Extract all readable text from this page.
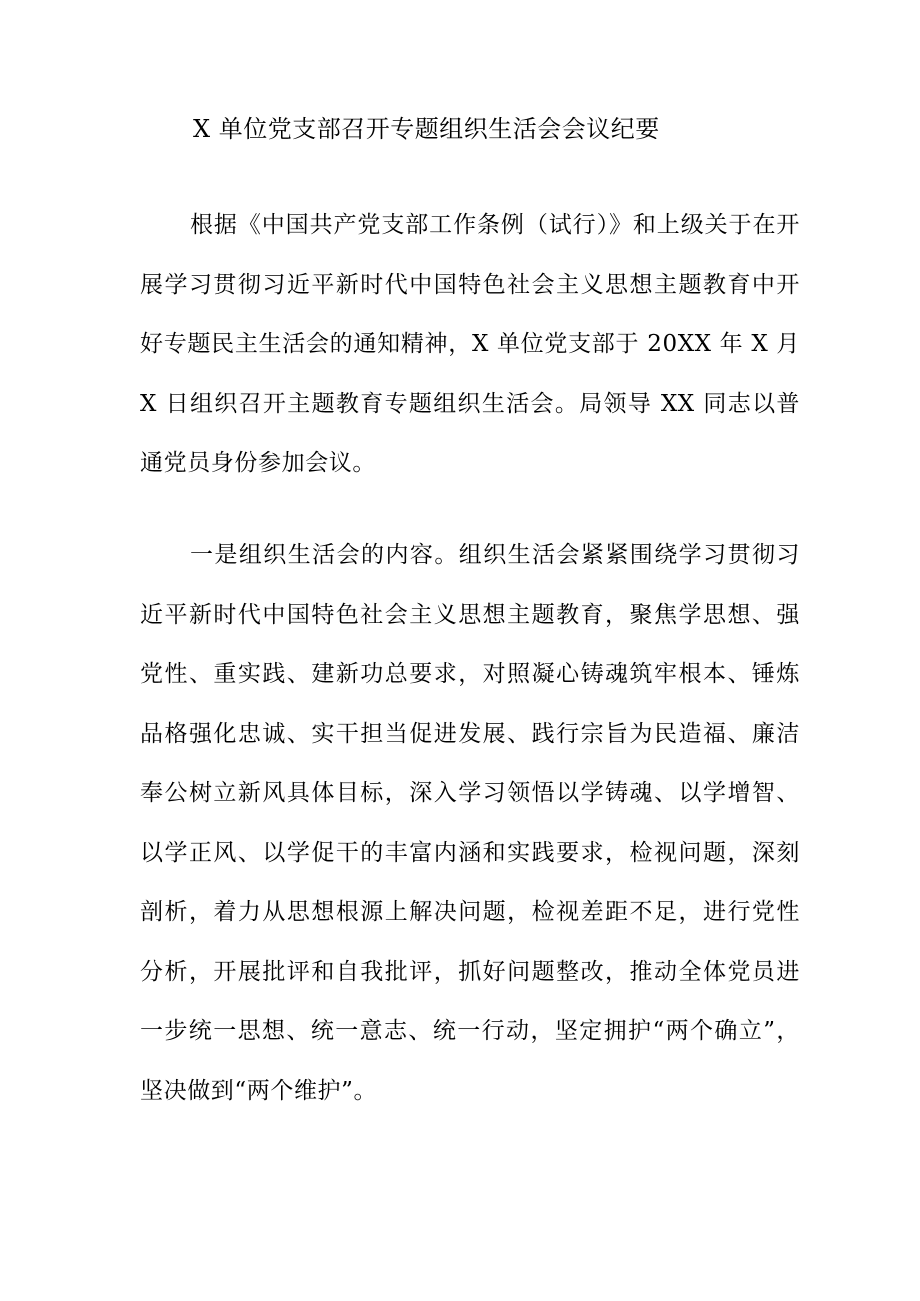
X 单位党支部召开专题组织生活会会议纪要

根据《中国共产党支部工作条例（试行）》和上级关于在开展学习贯彻习近平新时代中国特色社会主义思想主题教育中开好专题民主生活会的通知精神，X 单位党支部于 20XX 年 X 月 X 日组织召开主题教育专题组织生活会。局领导 XX 同志以普通党员身份参加会议。

一是组织生活会的内容。组织生活会紧紧围绕学习贯彻习近平新时代中国特色社会主义思想主题教育，聚焦学思想、强党性、重实践、建新功总要求，对照凝心铸魂筑牢根本、锤炼品格强化忠诚、实干担当促进发展、践行宗旨为民造福、廉洁奉公树立新风具体目标，深入学习领悟以学铸魂、以学增智、以学正风、以学促干的丰富内涵和实践要求，检视问题，深刻剖析，着力从思想根源上解决问题，检视差距不足，进行党性分析，开展批评和自我批评，抓好问题整改，推动全体党员进一步统一思想、统一意志、统一行动，坚定拥护“两个确立”，坚决做到“两个维护”。
